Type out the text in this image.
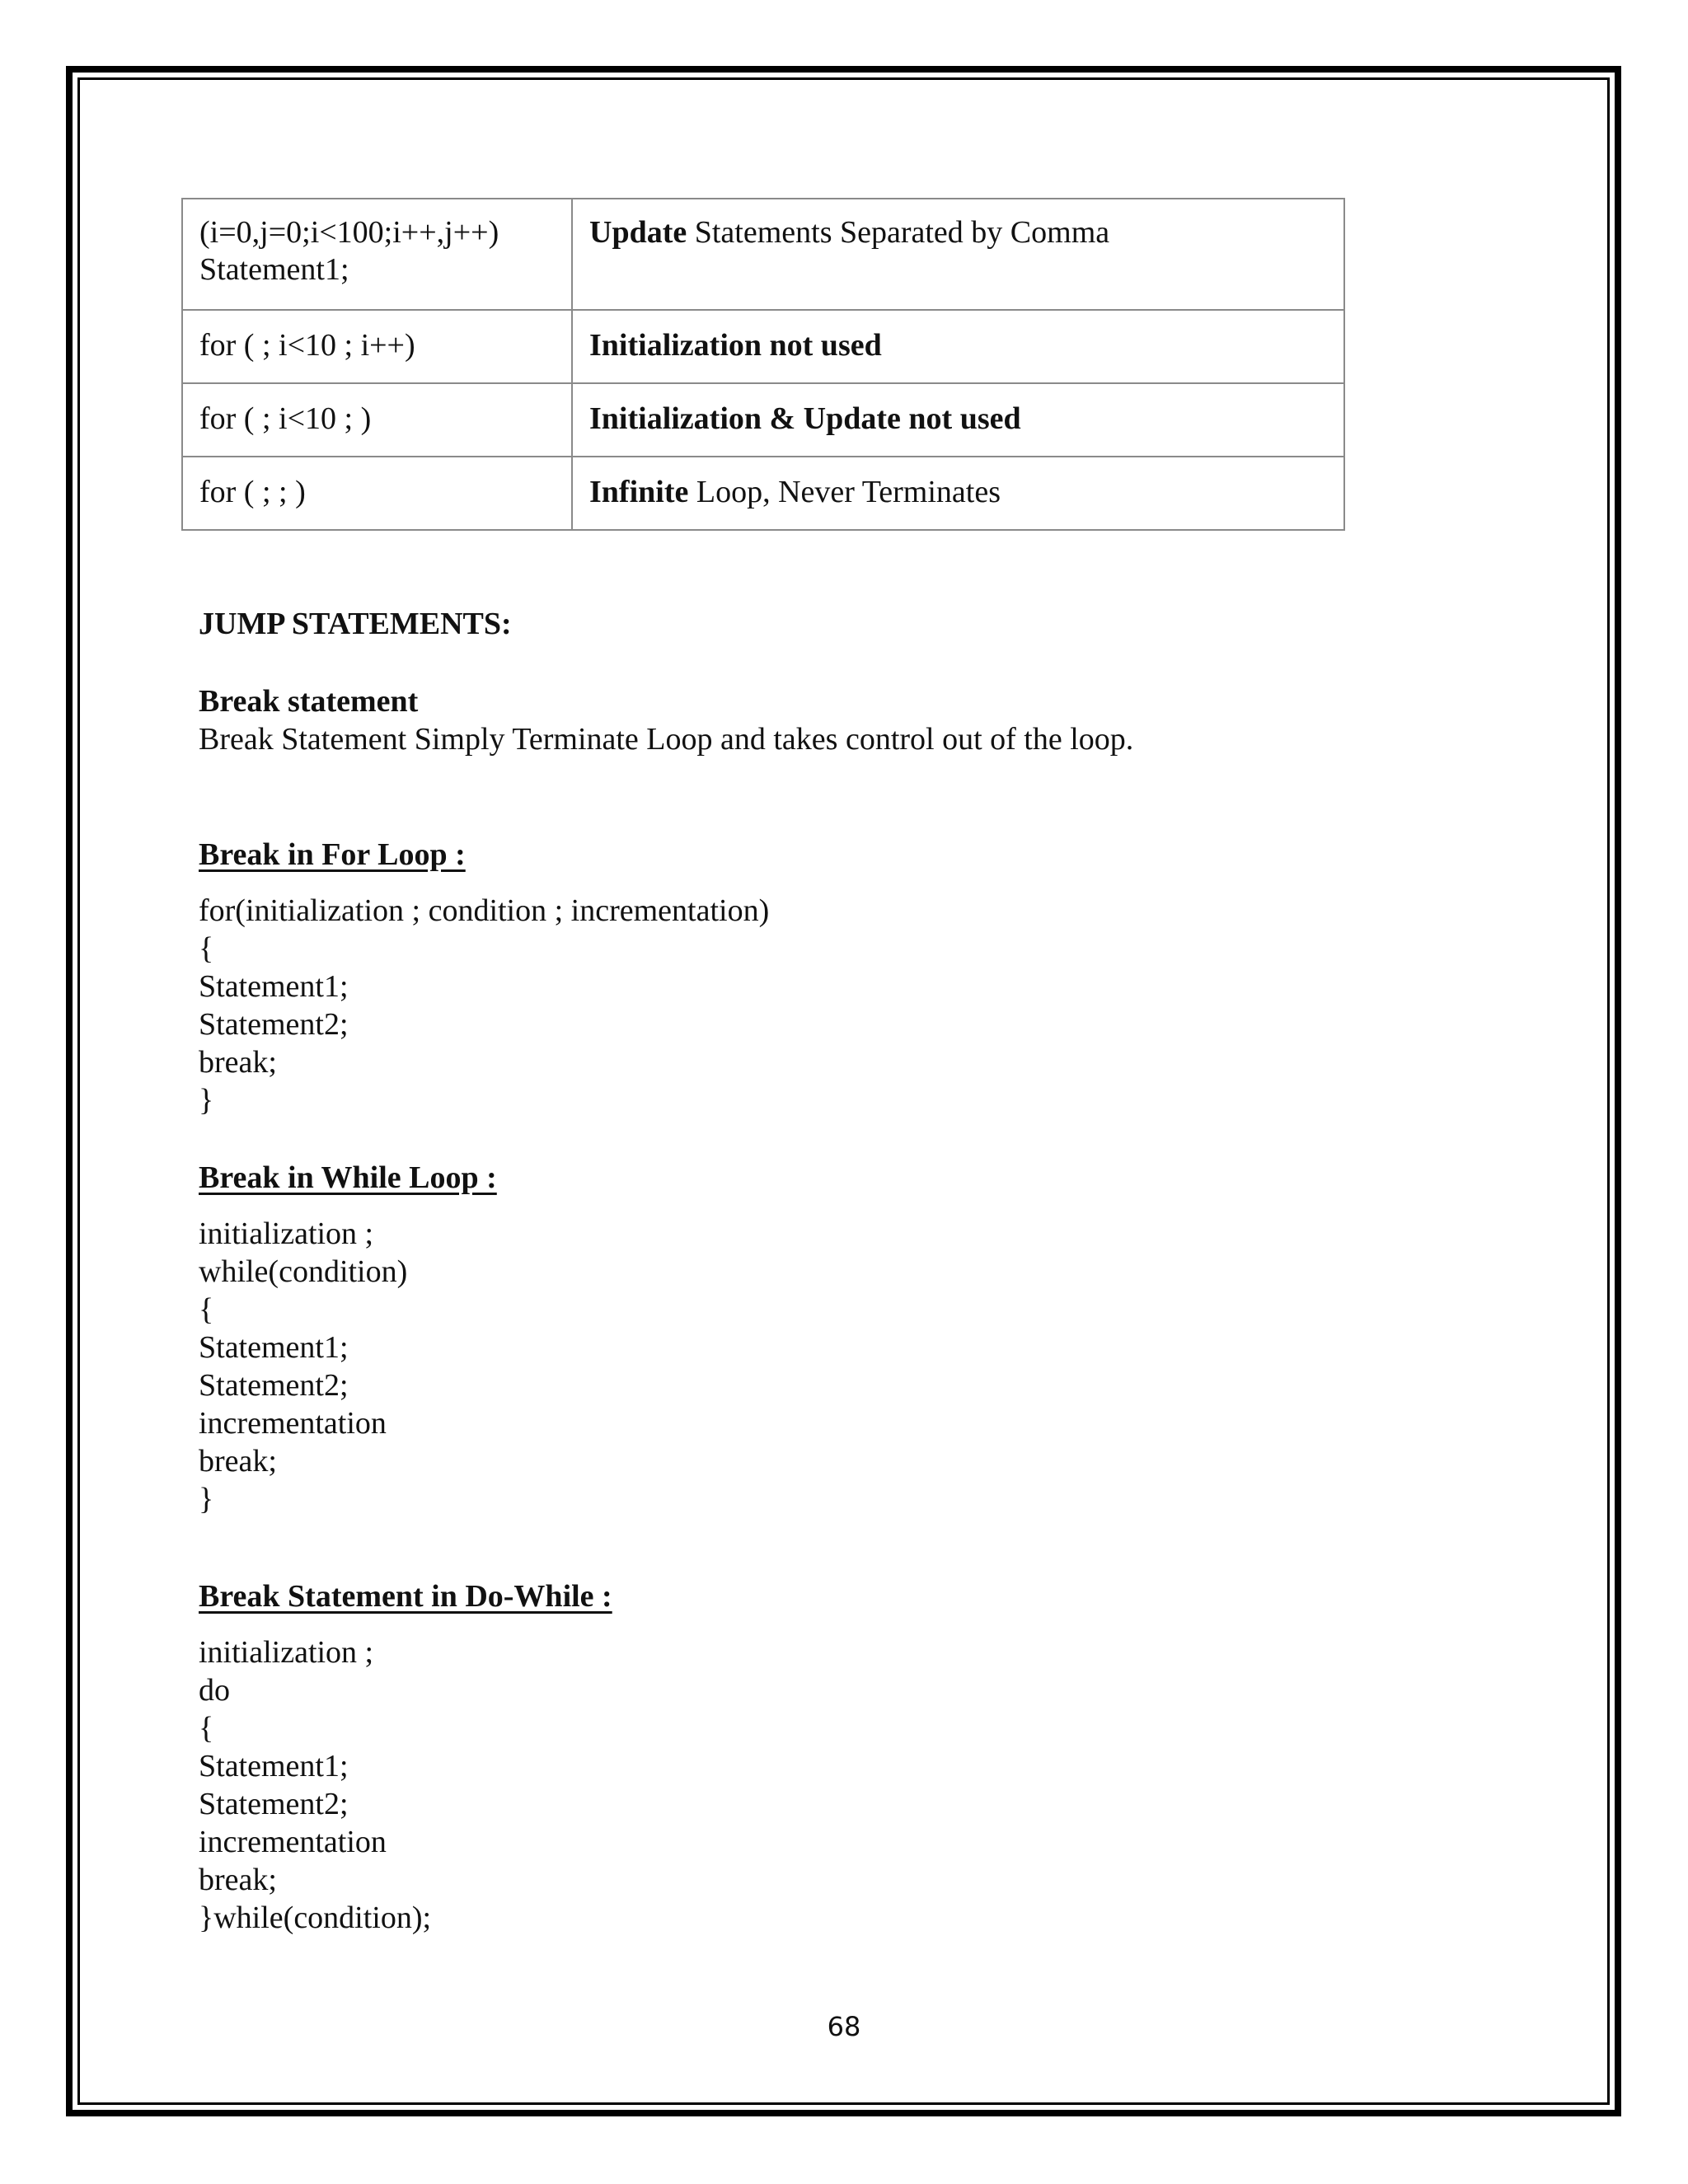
(i=0,j=0;i<100;i++,j++)
Statement1;	Update Statements Separated by Comma

for ( ; i<10 ; i++)	Initialization not used

for ( ; i<10 ; )	Initialization & Update not used

for ( ; ; )	Infinite Loop, Never Terminates
JUMP STATEMENTS:
Break statement
Break Statement Simply Terminate Loop and takes control out of the loop.
Break in For Loop :
for(initialization ; condition ; incrementation)
{
Statement1;
Statement2;
break;
}
Break in While Loop :
initialization ;
while(condition)
{
Statement1;
Statement2;
incrementation
break;
}
Break Statement in Do-While :
initialization ;
do
{
Statement1;
Statement2;
incrementation
break;
}while(condition);
68
